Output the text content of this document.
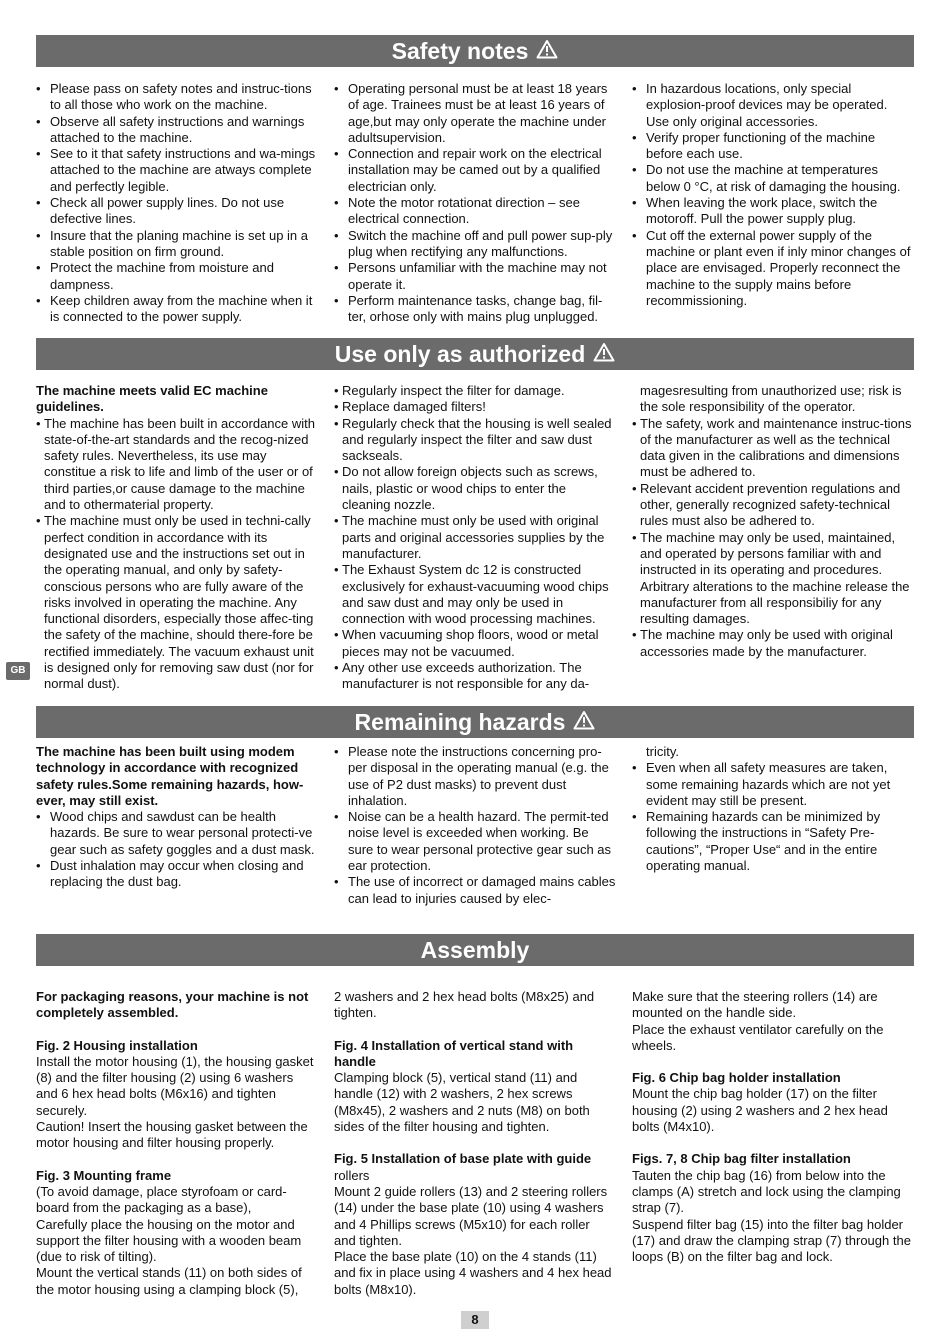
Safety notes
• Please pass on safety notes and instruc-tions to all those who work on the machine.
• Observe all safety instructions and warnings attached to the machine.
• See to it that safety instructions and wa-mings attached to the machine are atways complete and perfectly legible.
• Check all power supply lines. Do not use defective lines.
• Insure that the planing machine is set up in a stable position on firm ground.
• Protect the machine from moisture and dampness.
• Keep children away from the machine when it is connected to the power supply.
• Operating personal must be at least 18 years of age. Trainees must be at least 16 years of age,but may only operate the machine under adultsupervision.
• Connection and repair work on the electrical installation may be camed out by a qualified electrician only.
• Note the motor rotationat direction – see electrical connection.
• Switch the machine off and pull power sup-ply plug when rectifying any malfunctions.
• Persons unfamiliar with the machine may not operate it.
• Perform maintenance tasks, change bag, fil-ter, orhose only with mains plug unplugged.
• In hazardous locations, only special explosion-proof devices may be operated. Use only original accessories.
• Verify proper functioning of the machine before each use.
• Do not use the machine at temperatures below 0 °C, at risk of damaging the housing.
• When leaving the work place, switch the motoroff. Pull the power supply plug.
• Cut off the external power supply of the machine or plant even if inly minor changes of place are envisaged. Properly reconnect the machine to the supply mains before recommissioning.
Use only as authorized

The machine meets valid EC machine guidelines.

• The machine has been built in accordance with state-of-the-art standards and the recog-nized safety rules. Nevertheless, its use may constitue a risk to life and limb of the user or of third parties,or cause damage to the machine and to othermaterial property.
• The machine must only be used in techni-cally perfect condition in accordance with its designated use and the instructions set out in the operating manual, and only by safety-conscious persons who are fully aware of the risks involved in operating the machine. Any functional disorders, especially those affec-ting the safety of the machine, should there-fore be rectified immediately. The vacuum exhaust unit is designed only for removing saw dust (nor for normal dust).
• Regularly inspect the filter for damage.
• Replace damaged filters!
• Regularly check that the housing is well sealed and regularly inspect the filter and saw dust sackseals.
• Do not allow foreign objects such as screws, nails, plastic or wood chips to enter the cleaning nozzle.
• The machine must only be used with original parts and original accessories supplies by the manufacturer.
• The Exhaust System dc 12 is constructed exclusively for exhaust-vacuuming wood chips and saw dust and may only be used in connection with wood processing machines.
• When vacuuming shop floors, wood or metal pieces may not be vacuumed.
• Any other use exceeds authorization. The manufacturer is not responsible for any da-

magesresulting from unauthorized use; risk is the sole responsibility of the operator.

• The safety, work and maintenance instruc-tions of the manufacturer as well as the technical data given in the calibrations and dimensions must be adhered to.
• Relevant accident prevention regulations and other, generally recognized safety-technical rules must also be adhered to.
• The machine may only be used, maintained, and operated by persons familiar with and instructed in its operating and procedures. Arbitrary alterations to the machine release the manufacturer from all responsibiliy for any resulting damages.
• The machine may only be used with original accessories made by the manufacturer.
GB
Remaining hazards

The machine has been built using modem technology in accordance with recognized safety rules.Some remaining hazards, how-ever, may still exist.

• Wood chips and sawdust can be health hazards. Be sure to wear personal protecti-ve gear such as safety goggles and a dust mask.
• Dust inhalation may occur when closing and replacing the dust bag.
• Please note the instructions concerning pro-per disposal in the operating manual (e.g. the use of P2 dust masks) to prevent dust inhalation.
• Noise can be a health hazard. The permit-ted noise level is exceeded when working. Be sure to wear personal protective gear such as ear protection.
• The use of incorrect or damaged mains cables can lead to injuries caused by elec-

tricity.

• Even when all safety measures are taken, some remaining hazards which are not yet evident may still be present.
• Remaining hazards can be minimized by following the instructions in “Safety Pre-cautions”, “Proper Use“ and in the entire operating manual.
Assembly

For packaging reasons, your machine is not completely assembled.

Fig. 2 Housing installation

Install the motor housing (1), the housing gasket (8) and the filter housing (2) using 6 washers and 6 hex head bolts (M6x16) and tighten securely.

Caution! Insert the housing gasket between the motor housing and filter housing properly.

Fig. 3 Mounting frame

(To avoid damage, place styrofoam or card-board from the packaging as a base),

Carefully place the housing on the motor and support the filter housing with a wooden beam (due to risk of tilting).

Mount the vertical stands (11) on both sides of the motor housing using a clamping block (5),

2 washers and 2 hex head bolts (M8x25) and tighten.

Fig. 4 Installation of vertical stand with handle

Clamping block (5), vertical stand (11) and handle (12) with 2 washers, 2 hex screws (M8x45), 2 washers and 2 nuts (M8) on both sides of the filter housing and tighten.

Fig. 5 Installation of base plate with guide rollers

Mount 2 guide rollers (13) and 2 steering rollers (14) under the base plate (10) using 4 washers and 4 Phillips screws (M5x10) for each roller and tighten.

Place the base plate (10) on the 4 stands (11) and fix in place using 4 washers and 4 hex head bolts (M8x10).

Make sure that the steering rollers (14) are mounted on the handle side.

Place the exhaust ventilator carefully on the wheels.

Fig. 6 Chip bag holder installation

Mount the chip bag holder (17) on the filter housing (2) using 2 washers and 2 hex head bolts (M4x10).

Figs. 7, 8 Chip bag filter installation

Tauten the chip bag (16) from below into the clamps (A) stretch and lock using the clamping strap (7).

Suspend filter bag (15) into the filter bag holder (17) and draw the clamping strap (7) through the loops (B) on the filter bag and lock.

8
